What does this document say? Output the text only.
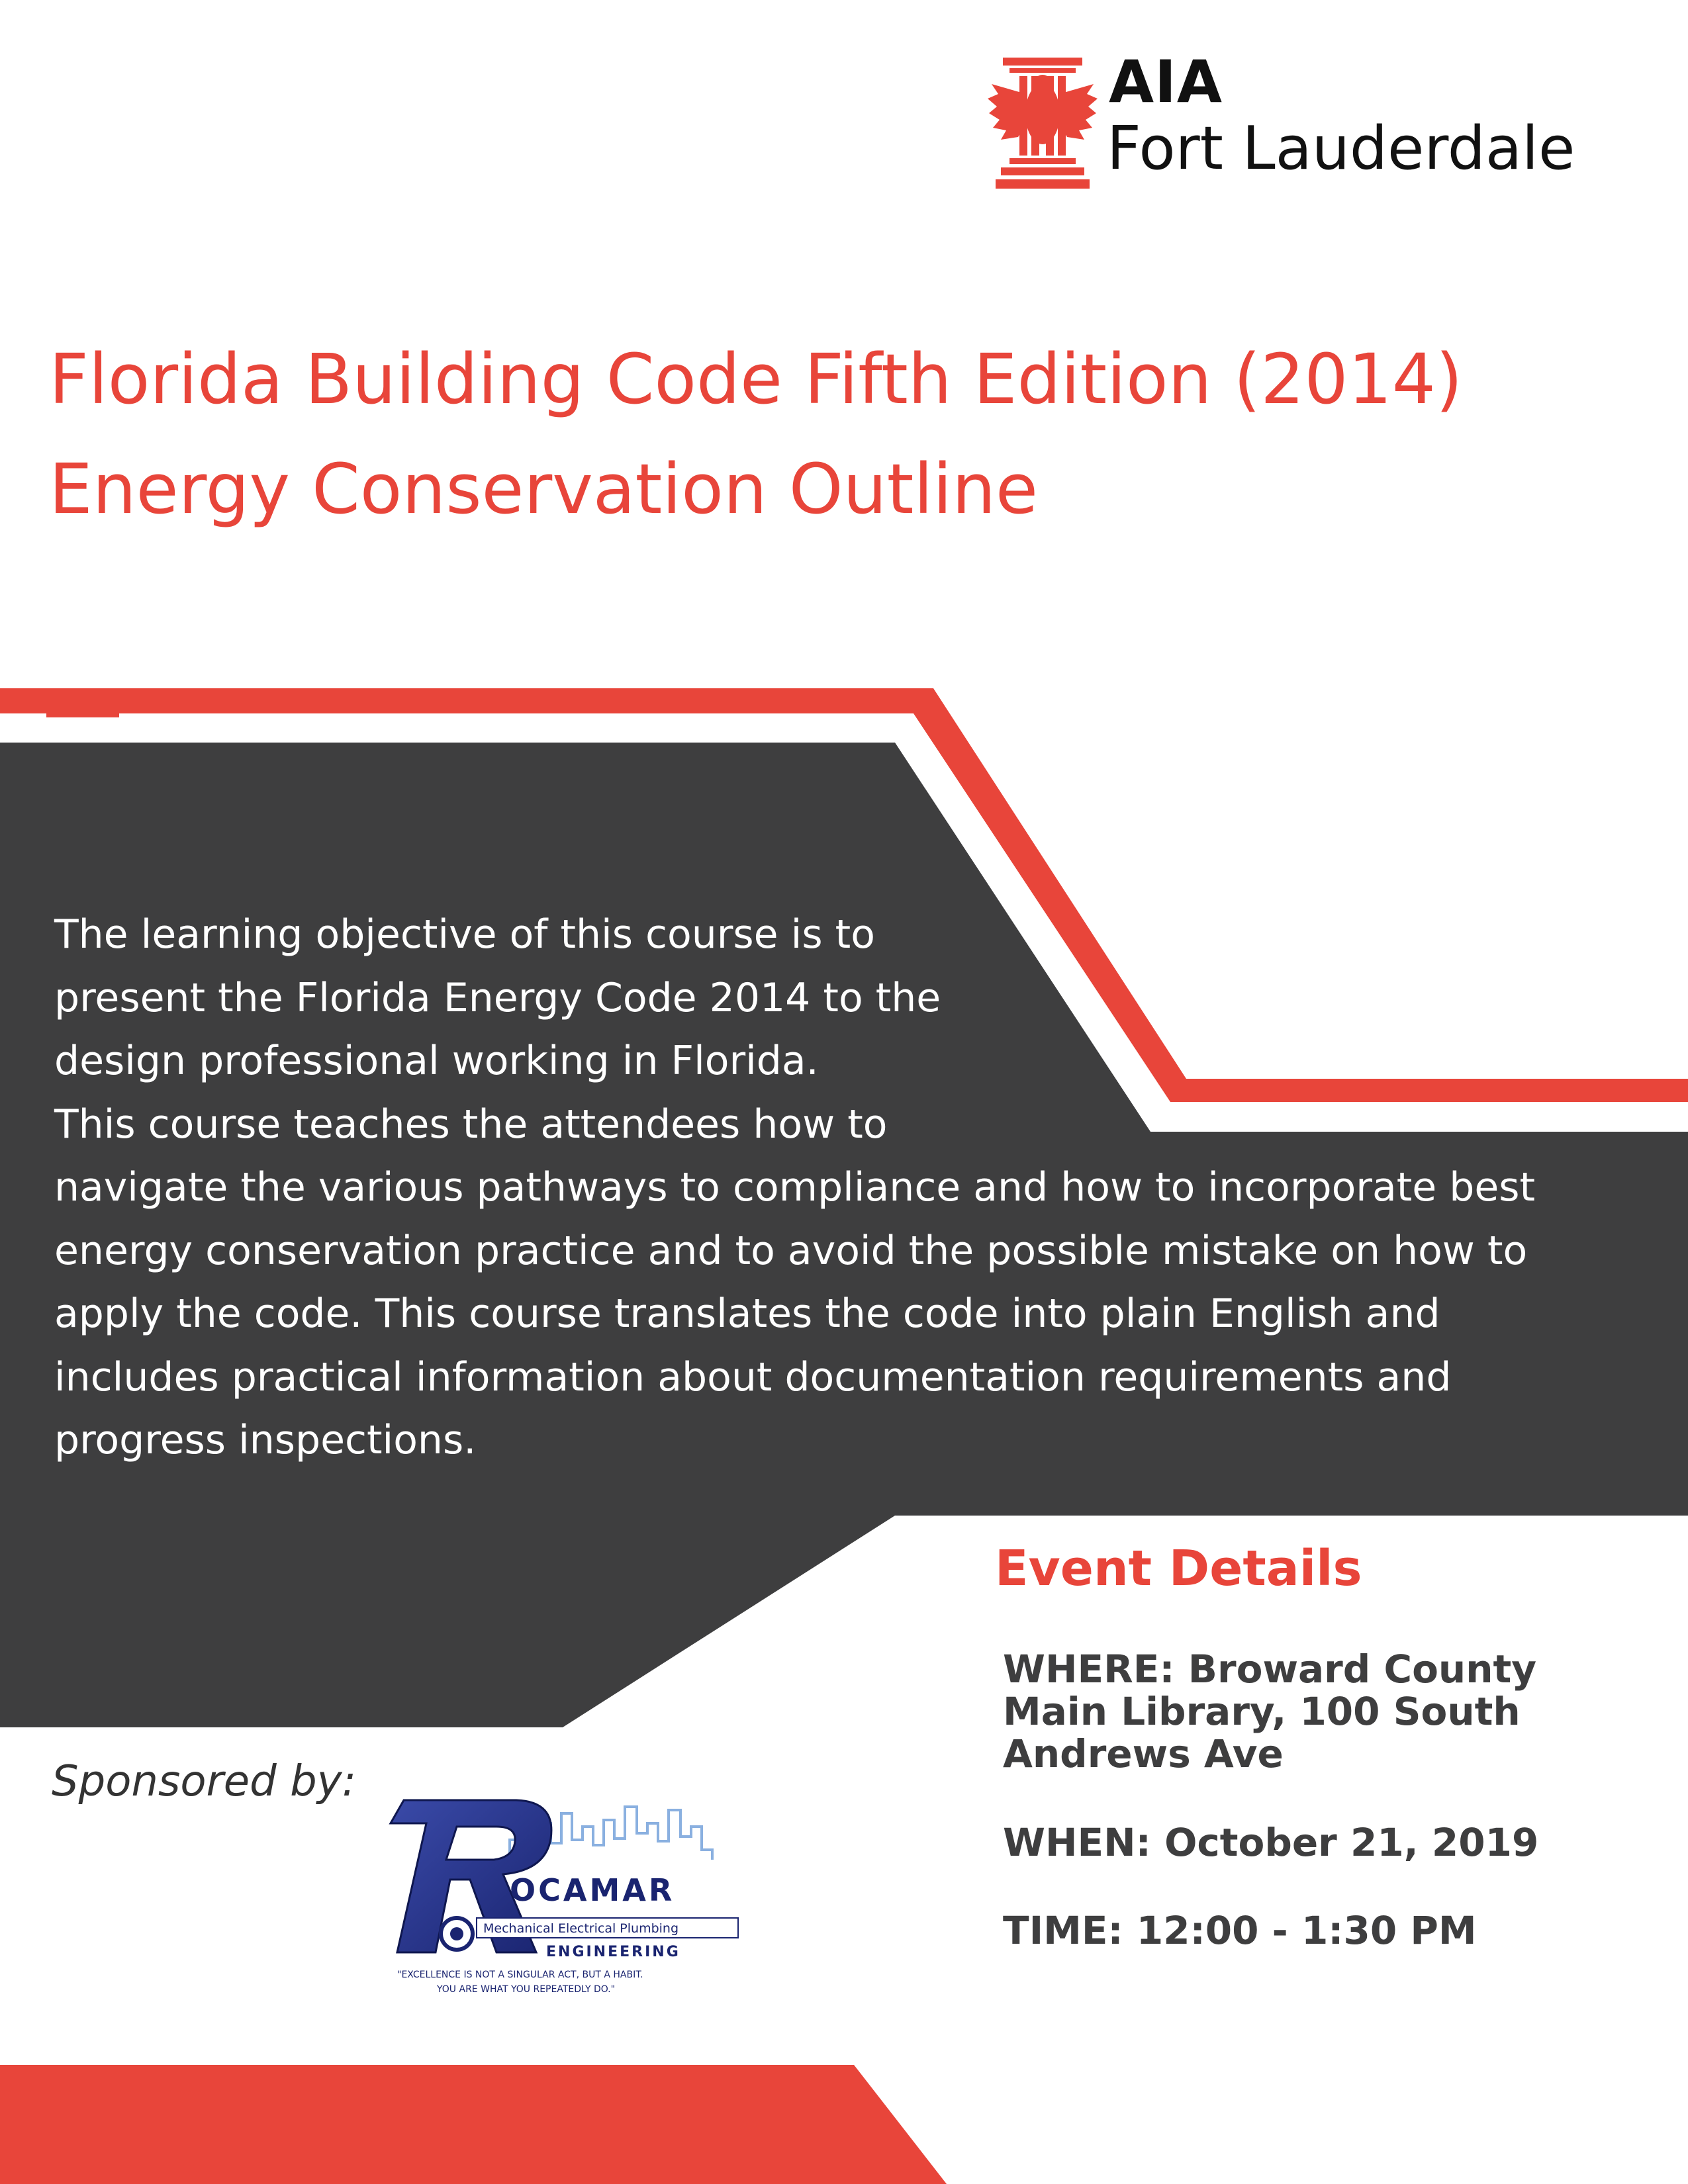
AIA
Fort Lauderdale
Florida Building Code Fifth Edition (2014)
Energy Conservation Outline
The learning objective of this course is to
present the Florida Energy Code 2014 to the
design professional working in Florida.
This course teaches the attendees how to
navigate the various pathways to compliance and how to incorporate best
energy conservation practice and to avoid the possible mistake on how to
apply the code. This course translates the code into plain English and
includes practical information about documentation requirements and
progress inspections.
Event Details
WHERE: Broward County
Main Library, 100 South
Andrews Ave
WHEN: October 21, 2019
TIME: 12:00 - 1:30 PM
Sponsored by:
OCAMAR
Mechanical Electrical Plumbing
ENGINEERING
"EXCELLENCE IS NOT A SINGULAR ACT, BUT A HABIT.
YOU ARE WHAT YOU REPEATEDLY DO."
